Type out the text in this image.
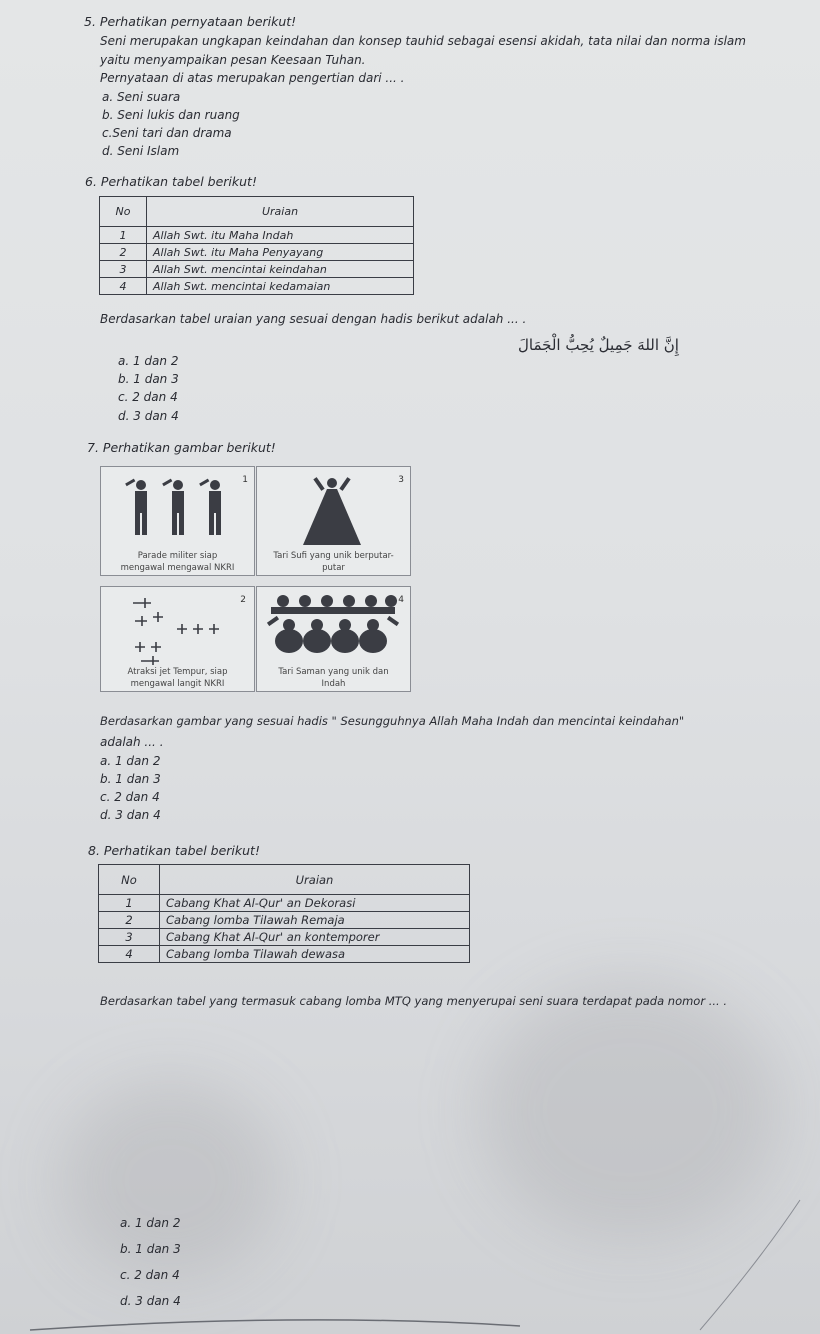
5. Perhatikan pernyataan berikut!
Seni merupakan ungkapan keindahan dan konsep tauhid sebagai esensi akidah, tata nilai dan norma islam
yaitu menyampaikan pesan Keesaan Tuhan.
Pernyataan di atas merupakan pengertian dari ... .
a. Seni suara
b. Seni lukis dan ruang
c.Seni tari dan drama
d. Seni Islam
6. Perhatikan tabel berikut!
No	Uraian
1	Allah Swt. itu Maha Indah
2	Allah Swt. itu Maha Penyayang
3	Allah Swt. mencintai keindahan
4	Allah Swt. mencintai kedamaian
Berdasarkan tabel uraian yang sesuai dengan hadis berikut adalah ... .
إِنَّ اللهَ جَمِيلٌ يُحِبُّ الْجَمَالَ
a. 1 dan 2
b. 1 dan 3
c. 2 dan 4
d. 3 dan 4
7. Perhatikan gambar berikut!
1
Parade militer siap
mengawal mengawal NKRI
3
Tari Sufi yang unik berputar-
putar
2
Atraksi jet Tempur, siap
mengawal langit NKRI
4
Tari Saman yang unik dan
Indah
Berdasarkan gambar yang sesuai hadis " Sesungguhnya Allah Maha Indah dan mencintai keindahan"
adalah ... .
a. 1 dan 2
b. 1 dan 3
c. 2 dan 4
d. 3 dan 4
8. Perhatikan tabel berikut!
No	Uraian
1	Cabang Khat Al-Qur' an Dekorasi
2	Cabang lomba TiIawah Remaja
3	Cabang Khat Al-Qur' an kontemporer
4	Cabang lomba TiIawah dewasa
Berdasarkan tabel yang termasuk cabang lomba MTQ yang menyerupai seni suara terdapat pada nomor ... .
a. 1 dan 2
b. 1 dan 3
c. 2 dan 4
d. 3 dan 4
